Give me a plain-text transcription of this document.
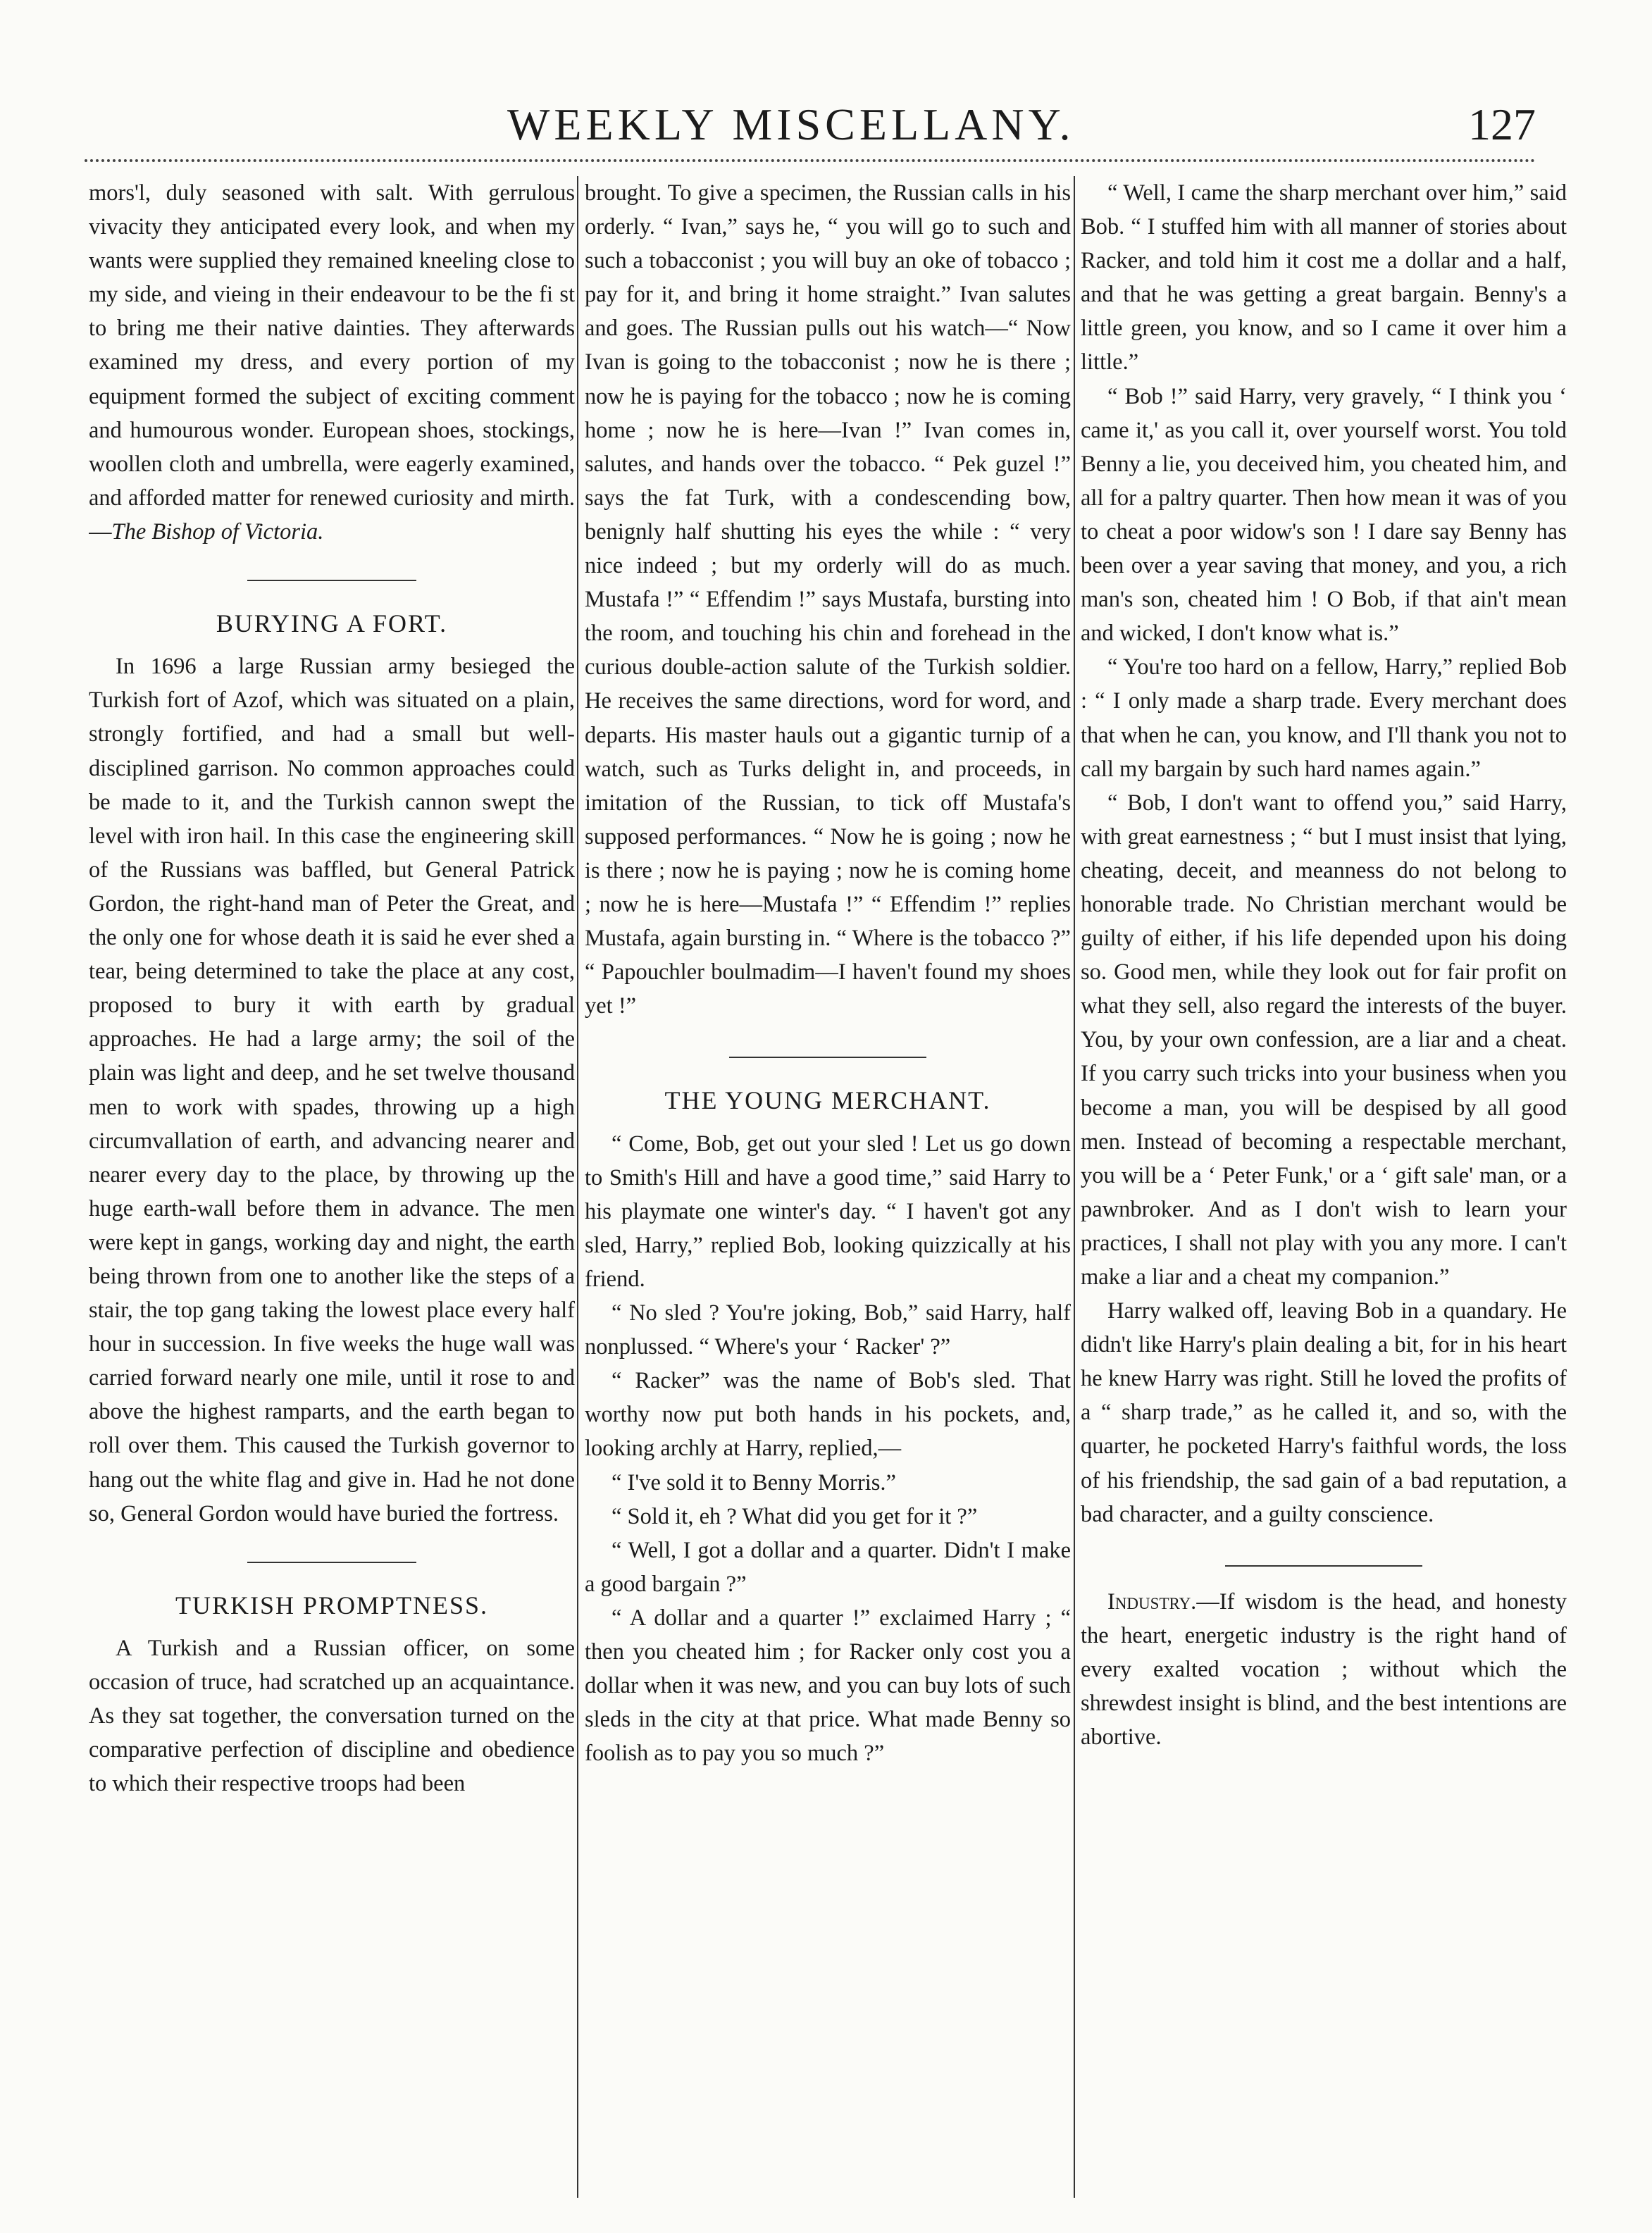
WEEKLY MISCELLANY.	127

mors'l, duly seasoned with salt. With gerrulous vivacity they anticipated every look, and when my wants were supplied they remained kneeling close to my side, and vieing in their endeavour to be the fi st to bring me their native dainties. They afterwards examined my dress, and every portion of my equipment formed the subject of exciting comment and humourous wonder. European shoes, stockings, woollen cloth and umbrella, were eagerly examined, and afforded matter for renewed curiosity and mirth.—The Bishop of Victoria.

BURYING A FORT.

In 1696 a large Russian army besieged the Turkish fort of Azof, which was situated on a plain, strongly fortified, and had a small but well-disciplined garrison. No common approaches could be made to it, and the Turkish cannon swept the level with iron hail. In this case the engineering skill of the Russians was baffled, but General Patrick Gordon, the right-hand man of Peter the Great, and the only one for whose death it is said he ever shed a tear, being determined to take the place at any cost, proposed to bury it with earth by gradual approaches. He had a large army; the soil of the plain was light and deep, and he set twelve thousand men to work with spades, throwing up a high circumvallation of earth, and advancing nearer and nearer every day to the place, by throwing up the huge earth-wall before them in advance. The men were kept in gangs, working day and night, the earth being thrown from one to another like the steps of a stair, the top gang taking the lowest place every half hour in succession. In five weeks the huge wall was carried forward nearly one mile, until it rose to and above the highest ramparts, and the earth began to roll over them. This caused the Turkish governor to hang out the white flag and give in. Had he not done so, General Gordon would have buried the fortress.

TURKISH PROMPTNESS.

A Turkish and a Russian officer, on some occasion of truce, had scratched up an acquaintance. As they sat together, the conversation turned on the comparative perfection of discipline and obedience to which their respective troops had been

brought. To give a specimen, the Russian calls in his orderly. “ Ivan,” says he, “ you will go to such and such a tobacconist ; you will buy an oke of tobacco ; pay for it, and bring it home straight.” Ivan salutes and goes. The Russian pulls out his watch—“ Now Ivan is going to the tobacconist ; now he is there ; now he is paying for the tobacco ; now he is coming home ; now he is here—Ivan !” Ivan comes in, salutes, and hands over the tobacco. “ Pek guzel !” says the fat Turk, with a condescending bow, benignly half shutting his eyes the while : “ very nice indeed ; but my orderly will do as much. Mustafa !” “ Effendim !” says Mustafa, bursting into the room, and touching his chin and forehead in the curious double-action salute of the Turkish soldier. He receives the same directions, word for word, and departs. His master hauls out a gigantic turnip of a watch, such as Turks delight in, and proceeds, in imitation of the Russian, to tick off Mustafa's supposed performances. “ Now he is going ; now he is there ; now he is paying ; now he is coming home ; now he is here—Mustafa !” “ Effendim !” replies Mustafa, again bursting in. “ Where is the tobacco ?” “ Papouchler boulmadim—I haven't found my shoes yet !”

THE YOUNG MERCHANT.

“ Come, Bob, get out your sled ! Let us go down to Smith's Hill and have a good time,” said Harry to his playmate one winter's day. “ I haven't got any sled, Harry,” replied Bob, looking quizzically at his friend.

“ No sled ? You're joking, Bob,” said Harry, half nonplussed. “ Where's your ‘ Racker' ?”

“ Racker” was the name of Bob's sled. That worthy now put both hands in his pockets, and, looking archly at Harry, replied,—

“ I've sold it to Benny Morris.”

“ Sold it, eh ? What did you get for it ?”

“ Well, I got a dollar and a quarter. Didn't I make a good bargain ?”

“ A dollar and a quarter !” exclaimed Harry ; “ then you cheated him ; for Racker only cost you a dollar when it was new, and you can buy lots of such sleds in the city at that price. What made Benny so foolish as to pay you so much ?”

“ Well, I came the sharp merchant over him,” said Bob. “ I stuffed him with all manner of stories about Racker, and told him it cost me a dollar and a half, and that he was getting a great bargain. Benny's a little green, you know, and so I came it over him a little.”

“ Bob !” said Harry, very gravely, “ I think you ‘ came it,' as you call it, over yourself worst. You told Benny a lie, you deceived him, you cheated him, and all for a paltry quarter. Then how mean it was of you to cheat a poor widow's son ! I dare say Benny has been over a year saving that money, and you, a rich man's son, cheated him ! O Bob, if that ain't mean and wicked, I don't know what is.”

“ You're too hard on a fellow, Harry,” replied Bob : “ I only made a sharp trade. Every merchant does that when he can, you know, and I'll thank you not to call my bargain by such hard names again.”

“ Bob, I don't want to offend you,” said Harry, with great earnestness ; “ but I must insist that lying, cheating, deceit, and meanness do not belong to honorable trade. No Christian merchant would be guilty of either, if his life depended upon his doing so. Good men, while they look out for fair profit on what they sell, also regard the interests of the buyer. You, by your own confession, are a liar and a cheat. If you carry such tricks into your business when you become a man, you will be despised by all good men. Instead of becoming a respectable merchant, you will be a ‘ Peter Funk,' or a ‘ gift sale' man, or a pawnbroker. And as I don't wish to learn your practices, I shall not play with you any more. I can't make a liar and a cheat my companion.”

Harry walked off, leaving Bob in a quandary. He didn't like Harry's plain dealing a bit, for in his heart he knew Harry was right. Still he loved the profits of a “ sharp trade,” as he called it, and so, with the quarter, he pocketed Harry's faithful words, the loss of his friendship, the sad gain of a bad reputation, a bad character, and a guilty conscience.

Industry.—If wisdom is the head, and honesty the heart, energetic industry is the right hand of every exalted vocation ; without which the shrewdest insight is blind, and the best intentions are abortive.
